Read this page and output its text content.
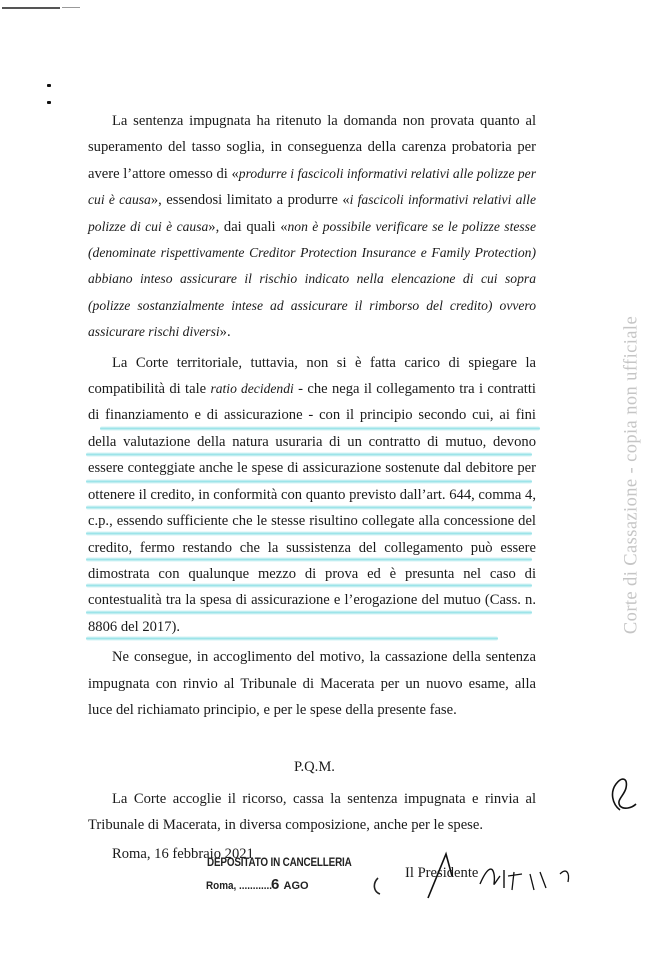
La sentenza impugnata ha ritenuto la domanda non provata quanto al superamento del tasso soglia, in conseguenza della carenza probatoria per avere l’attore omesso di «produrre i fascicoli informativi relativi alle polizze per cui è causa», essendosi limitato a produrre «i fascicoli informativi relativi alle polizze di cui è causa», dai quali «non è possibile verificare se le polizze stesse (denominate rispettivamente Creditor Protection Insurance e Family Protection) abbiano inteso assicurare il rischio indicato nella elencazione di cui sopra (polizze sostanzialmente intese ad assicurare il rimborso del credito) ovvero assicurare rischi diversi».

La Corte territoriale, tuttavia, non si è fatta carico di spiegare la compatibilità di tale ratio decidendi - che nega il collegamento tra i contratti di finanziamento e di assicurazione - con il principio secondo cui, ai fini della valutazione della natura usuraria di un contratto di mutuo, devono essere conteggiate anche le spese di assicurazione sostenute dal debitore per ottenere il credito, in conformità con quanto previsto dall’art. 644, comma 4, c.p., essendo sufficiente che le stesse risultino collegate alla concessione del credito, fermo restando che la sussistenza del collegamento può essere dimostrata con qualunque mezzo di prova ed è presunta nel caso di contestualità tra la spesa di assicurazione e l’erogazione del mutuo (Cass. n. 8806 del 2017).

Ne consegue, in accoglimento del motivo, la cassazione della sentenza impugnata con rinvio al Tribunale di Macerata per un nuovo esame, alla luce del richiamato principio, e per le spese della presente fase.

P.Q.M.
La Corte accoglie il ricorso, cassa la sentenza impugnata e rinvia al Tribunale di Macerata, in diversa composizione, anche per le spese.
Roma, 16 febbraio 2021
DEPOSITATO IN CANCELLERIA
Roma, ............
6 AGO
Il Presidente
Corte di Cassazione - copia non ufficiale
